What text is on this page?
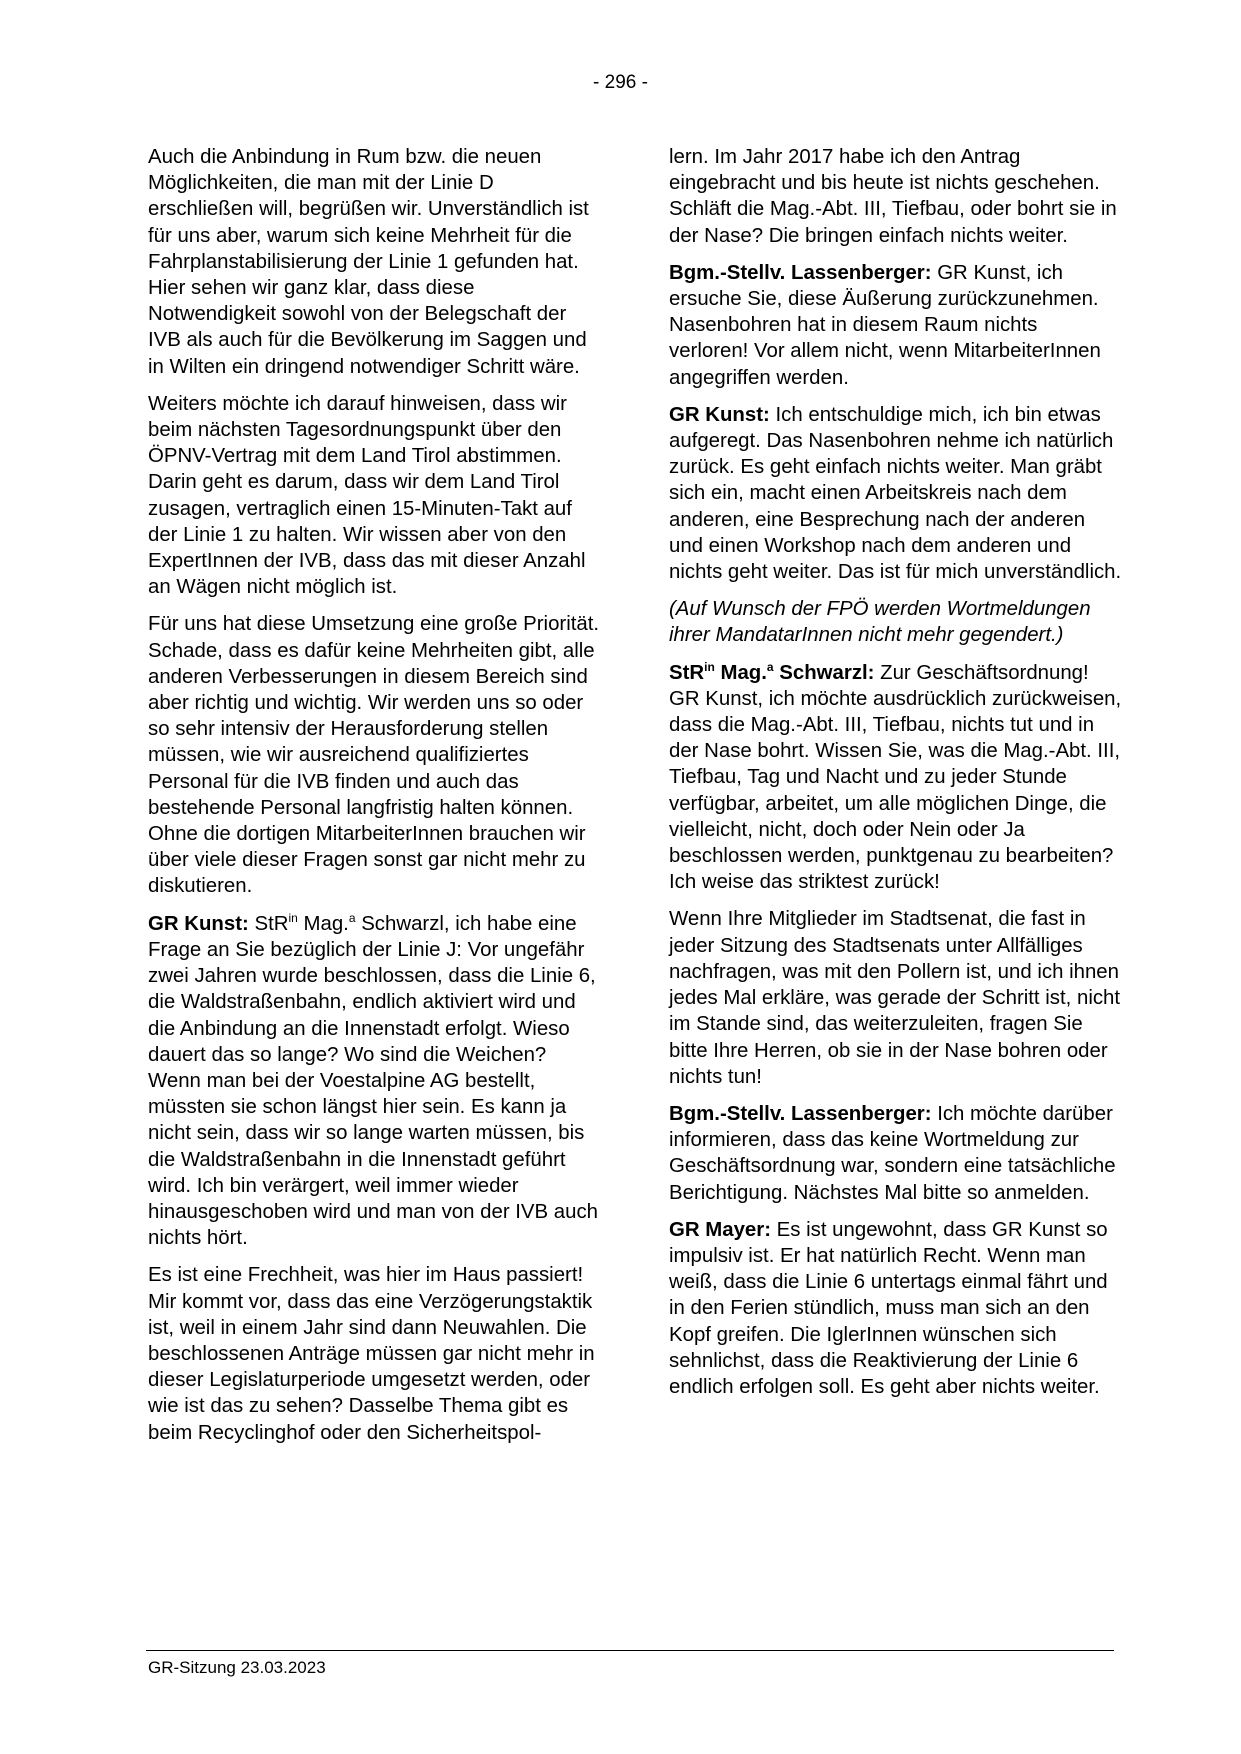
- 296 -

Auch die Anbindung in Rum bzw. die neuen Möglichkeiten, die man mit der Linie D erschließen will, begrüßen wir. Unverständlich ist für uns aber, warum sich keine Mehrheit für die Fahrplanstabilisierung der Linie 1 gefunden hat. Hier sehen wir ganz klar, dass diese Notwendigkeit sowohl von der Belegschaft der IVB als auch für die Bevölkerung im Saggen und in Wilten ein dringend notwendiger Schritt wäre.

Weiters möchte ich darauf hinweisen, dass wir beim nächsten Tagesordnungspunkt über den ÖPNV-Vertrag mit dem Land Tirol abstimmen. Darin geht es darum, dass wir dem Land Tirol zusagen, vertraglich einen 15-Minuten-Takt auf der Linie 1 zu halten. Wir wissen aber von den ExpertInnen der IVB, dass das mit dieser Anzahl an Wägen nicht möglich ist.

Für uns hat diese Umsetzung eine große Priorität. Schade, dass es dafür keine Mehrheiten gibt, alle anderen Verbesserungen in diesem Bereich sind aber richtig und wichtig. Wir werden uns so oder so sehr intensiv der Herausforderung stellen müssen, wie wir ausreichend qualifiziertes Personal für die IVB finden und auch das bestehende Personal langfristig halten können. Ohne die dortigen MitarbeiterInnen brauchen wir über viele dieser Fragen sonst gar nicht mehr zu diskutieren.

GR Kunst: StR$^{in}$ Mag.$^a$ Schwarzl, ich habe eine Frage an Sie bezüglich der Linie J: Vor ungefähr zwei Jahren wurde beschlossen, dass die Linie 6, die Waldstraßenbahn, endlich aktiviert wird und die Anbindung an die Innenstadt erfolgt. Wieso dauert das so lange? Wo sind die Weichen? Wenn man bei der Voestalpine AG bestellt, müssten sie schon längst hier sein. Es kann ja nicht sein, dass wir so lange warten müssen, bis die Waldstraßenbahn in die Innenstadt geführt wird. Ich bin verärgert, weil immer wieder hinausgeschoben wird und man von der IVB auch nichts hört.

Es ist eine Frechheit, was hier im Haus passiert! Mir kommt vor, dass das eine Verzögerungstaktik ist, weil in einem Jahr sind dann Neuwahlen. Die beschlossenen Anträge müssen gar nicht mehr in dieser Legislaturperiode umgesetzt werden, oder wie ist das zu sehen? Dasselbe Thema gibt es beim Recyclinghof oder den Sicherheitspol-

lern. Im Jahr 2017 habe ich den Antrag eingebracht und bis heute ist nichts geschehen. Schläft die Mag.-Abt. III, Tiefbau, oder bohrt sie in der Nase? Die bringen einfach nichts weiter.

Bgm.-Stellv. Lassenberger: GR Kunst, ich ersuche Sie, diese Äußerung zurückzunehmen. Nasenbohren hat in diesem Raum nichts verloren! Vor allem nicht, wenn MitarbeiterInnen angegriffen werden.

GR Kunst: Ich entschuldige mich, ich bin etwas aufgeregt. Das Nasenbohren nehme ich natürlich zurück. Es geht einfach nichts weiter. Man gräbt sich ein, macht einen Arbeitskreis nach dem anderen, eine Besprechung nach der anderen und einen Workshop nach dem anderen und nichts geht weiter. Das ist für mich unverständlich.

(Auf Wunsch der FPÖ werden Wortmeldungen ihrer MandatarInnen nicht mehr gegendert.)

StR$^{in}$ Mag.$^a$ Schwarzl: Zur Geschäftsordnung! GR Kunst, ich möchte ausdrücklich zurückweisen, dass die Mag.-Abt. III, Tiefbau, nichts tut und in der Nase bohrt. Wissen Sie, was die Mag.-Abt. III, Tiefbau, Tag und Nacht und zu jeder Stunde verfügbar, arbeitet, um alle möglichen Dinge, die vielleicht, nicht, doch oder Nein oder Ja beschlossen werden, punktgenau zu bearbeiten? Ich weise das striktest zurück!

Wenn Ihre Mitglieder im Stadtsenat, die fast in jeder Sitzung des Stadtsenats unter Allfälliges nachfragen, was mit den Pollern ist, und ich ihnen jedes Mal erkläre, was gerade der Schritt ist, nicht im Stande sind, das weiterzuleiten, fragen Sie bitte Ihre Herren, ob sie in der Nase bohren oder nichts tun!

Bgm.-Stellv. Lassenberger: Ich möchte darüber informieren, dass das keine Wortmeldung zur Geschäftsordnung war, sondern eine tatsächliche Berichtigung. Nächstes Mal bitte so anmelden.

GR Mayer: Es ist ungewohnt, dass GR Kunst so impulsiv ist. Er hat natürlich Recht. Wenn man weiß, dass die Linie 6 untertags einmal fährt und in den Ferien stündlich, muss man sich an den Kopf greifen. Die IglerInnen wünschen sich sehnlichst, dass die Reaktivierung der Linie 6 endlich erfolgen soll. Es geht aber nichts weiter.

GR-Sitzung 23.03.2023
